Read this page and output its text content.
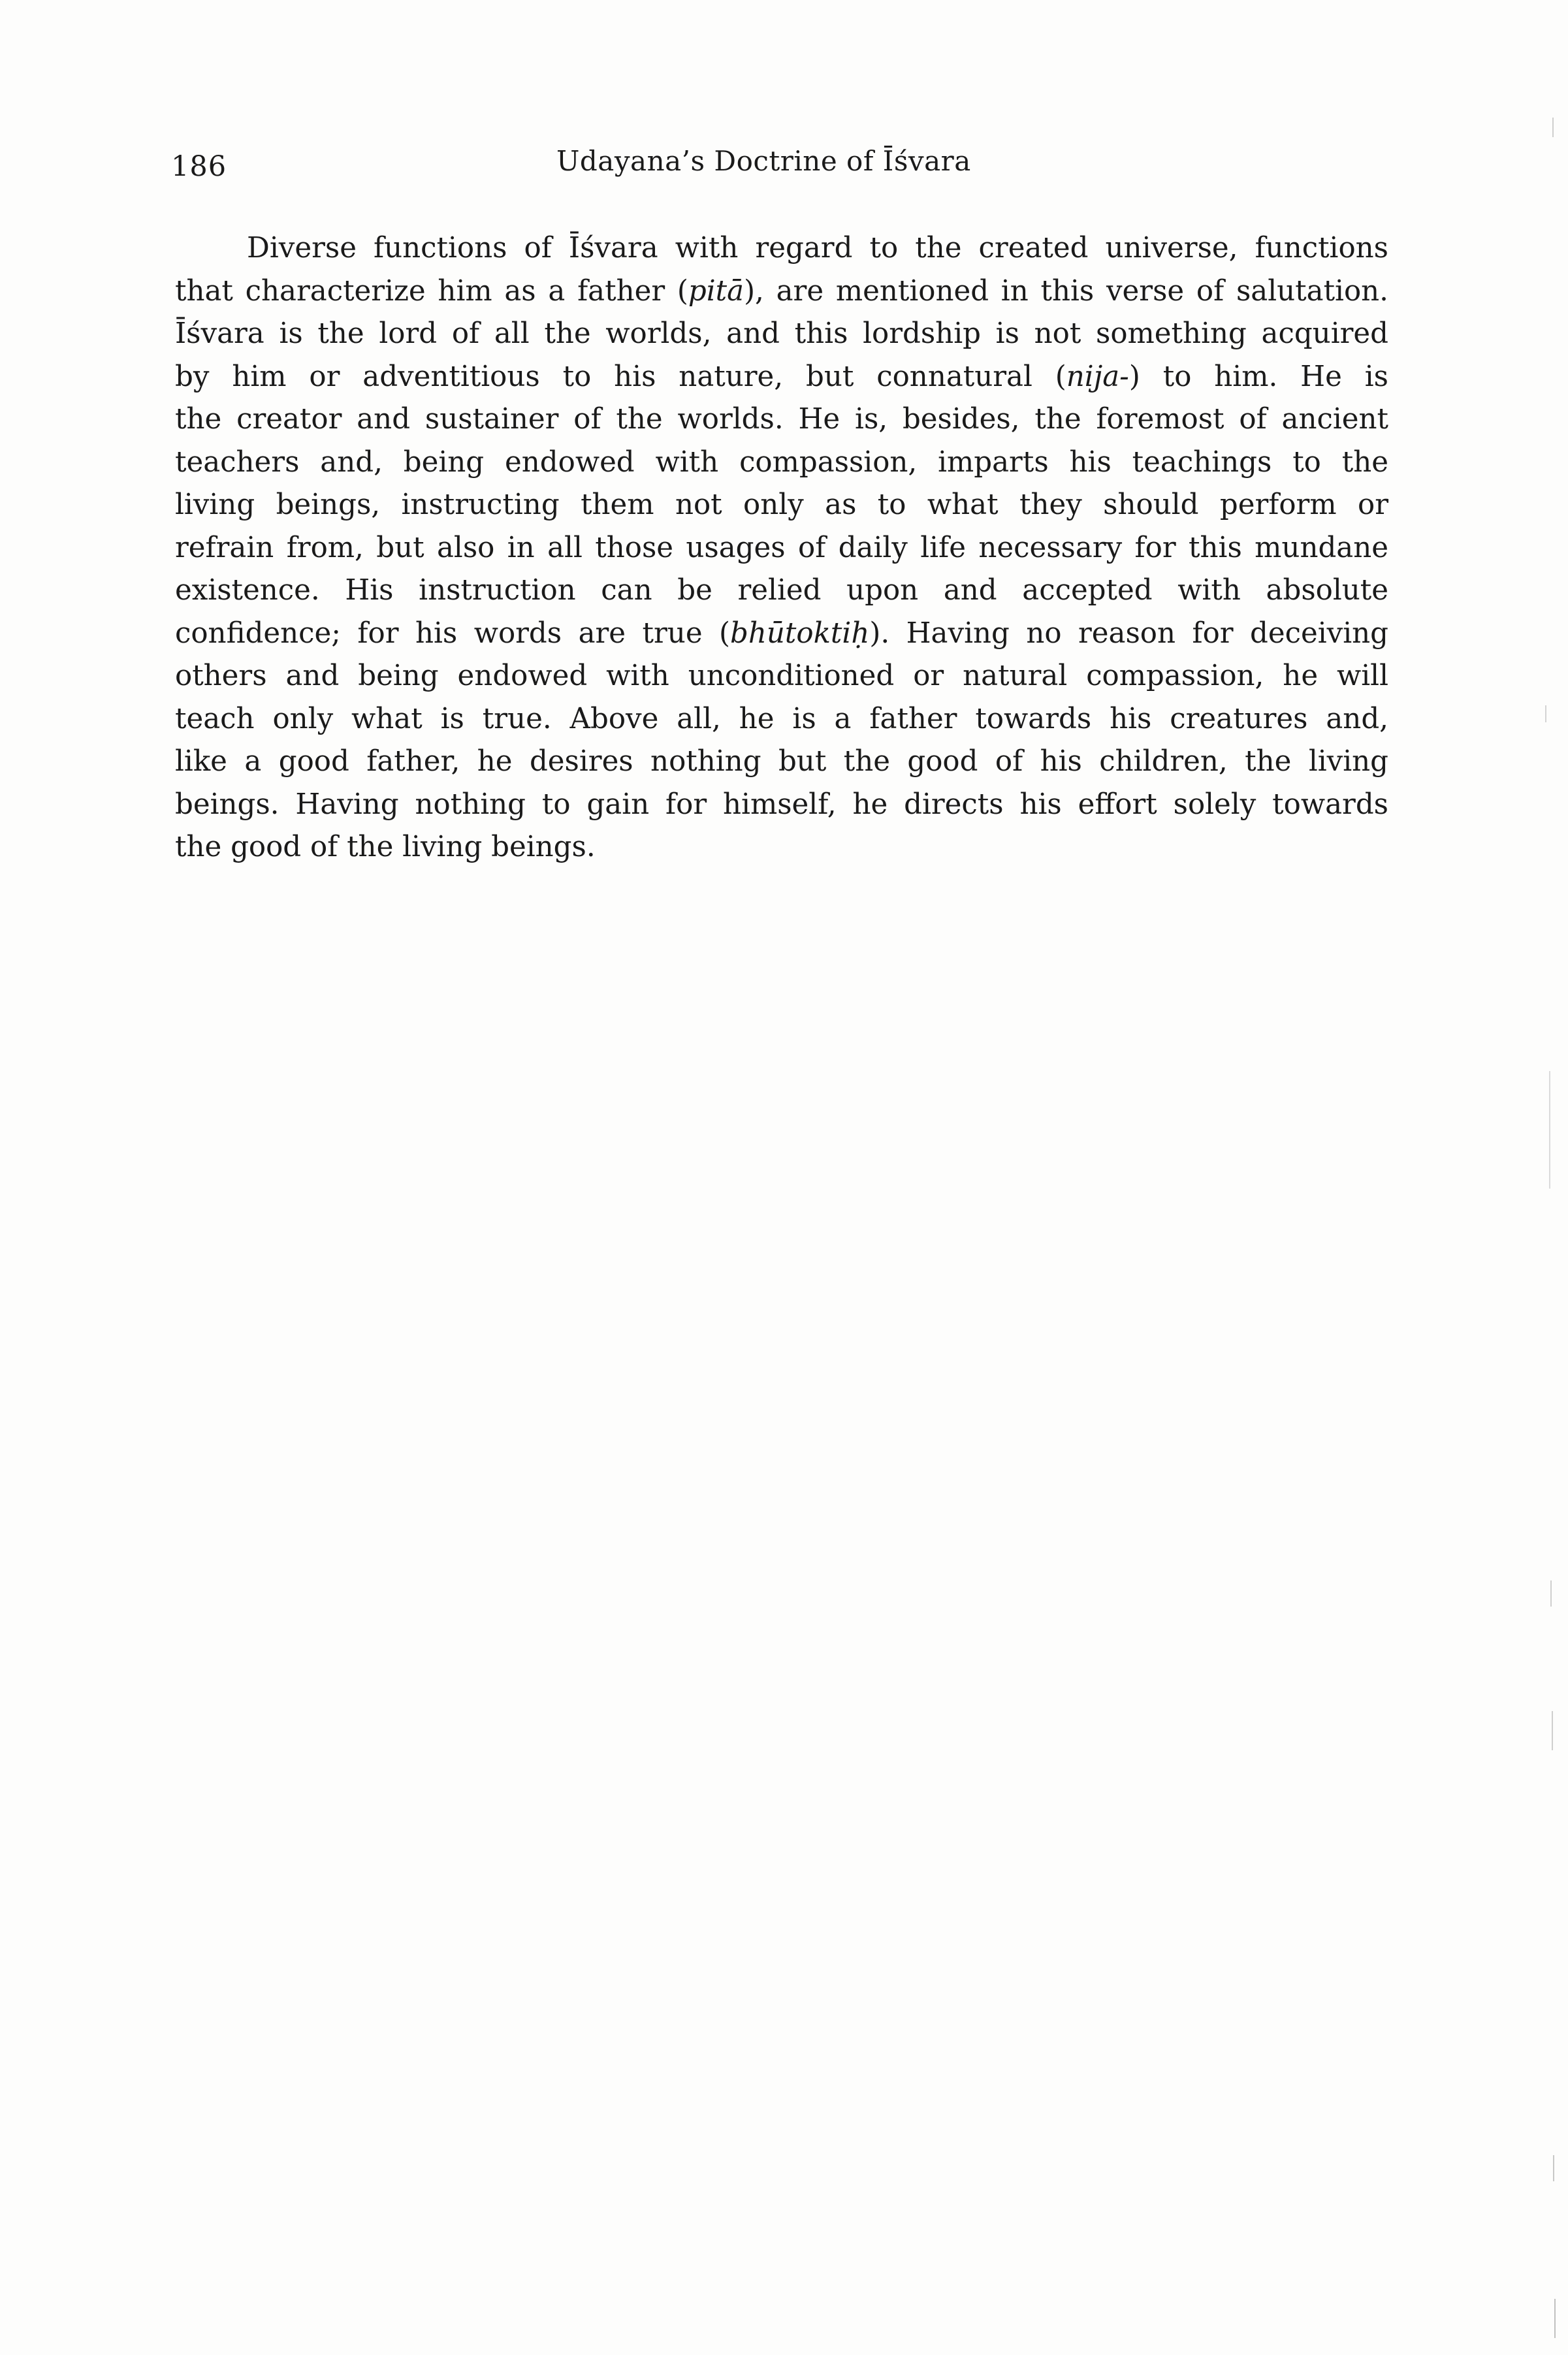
186	Udayana’s Doctrine of Īśvara

Diverse functions of Īśvara with regard to the created universe, functions
that characterize him as a father (pitā), are mentioned in this verse of salutation.
Īśvara is the lord of all the worlds, and this lordship is not something acquired
by him or adventitious to his nature, but connatural (nija-) to him. He is
the creator and sustainer of the worlds. He is, besides, the foremost of ancient
teachers and, being endowed with compassion, imparts his teachings to the
living beings, instructing them not only as to what they should perform or
refrain from, but also in all those usages of daily life necessary for this mundane
existence. His instruction can be relied upon and accepted with absolute
confidence; for his words are true (bhūtoktiḥ). Having no reason for deceiving
others and being endowed with unconditioned or natural compassion, he will
teach only what is true. Above all, he is a father towards his creatures and,
like a good father, he desires nothing but the good of his children, the living
beings. Having nothing to gain for himself, he directs his effort solely towards
the good of the living beings.
